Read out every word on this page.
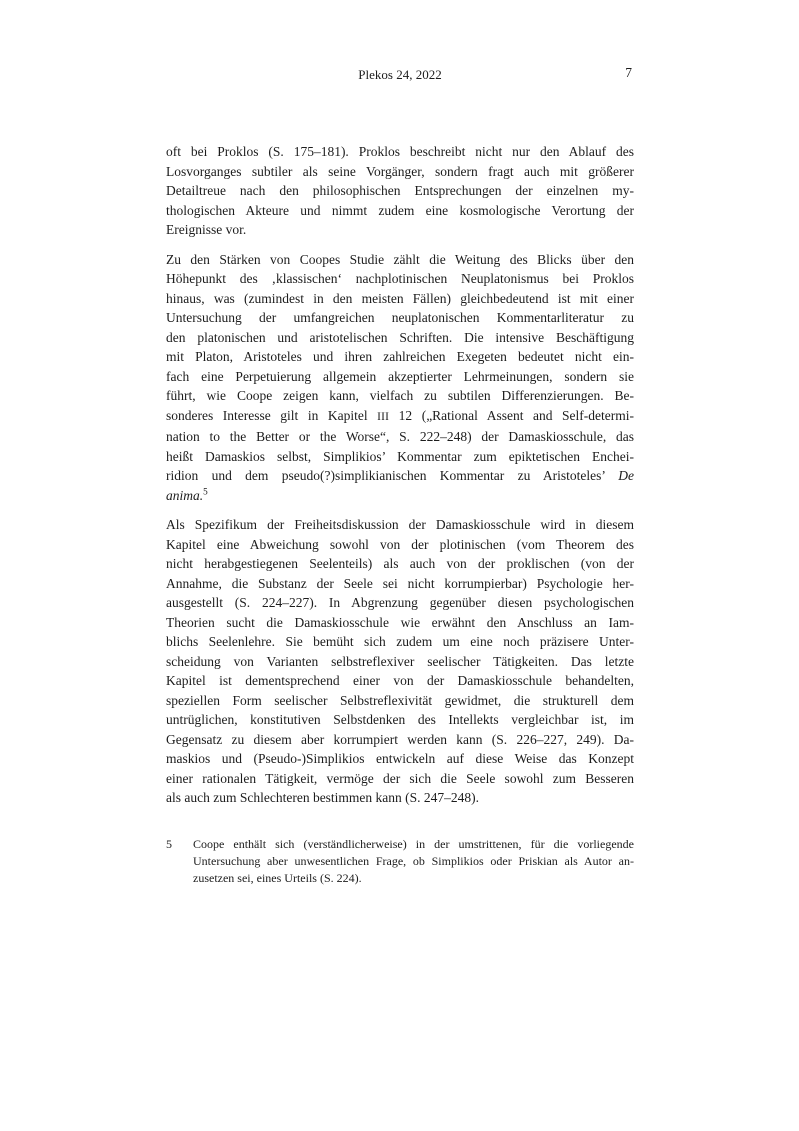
Plekos 24, 2022	7
oft bei Proklos (S. 175–181). Proklos beschreibt nicht nur den Ablauf des
Losvorganges subtiler als seine Vorgänger, sondern fragt auch mit größerer
Detailtreue nach den philosophischen Entsprechungen der einzelnen my-
thologischen Akteure und nimmt zudem eine kosmologische Verortung der
Ereignisse vor.
Zu den Stärken von Coopes Studie zählt die Weitung des Blicks über den
Höhepunkt des ‚klassischen‘ nachplotinischen Neuplatonismus bei Proklos
hinaus, was (zumindest in den meisten Fällen) gleichbedeutend ist mit einer
Untersuchung der umfangreichen neuplatonischen Kommentarliteratur zu
den platonischen und aristotelischen Schriften. Die intensive Beschäftigung
mit Platon, Aristoteles und ihren zahlreichen Exegeten bedeutet nicht ein-
fach eine Perpetuierung allgemein akzeptierter Lehrmeinungen, sondern sie
führt, wie Coope zeigen kann, vielfach zu subtilen Differenzierungen. Be-
sonderes Interesse gilt in Kapitel III 12 („Rational Assent and Self-determi-
nation to the Better or the Worse“, S. 222–248) der Damaskiosschule, das
heißt Damaskios selbst, Simplikios’ Kommentar zum epiktetischen Enchei-
ridion und dem pseudo(?)simplikianischen Kommentar zu Aristoteles’ De
anima.$^5$
Als Spezifikum der Freiheitsdiskussion der Damaskiosschule wird in diesem
Kapitel eine Abweichung sowohl von der plotinischen (vom Theorem des
nicht herabgestiegenen Seelenteils) als auch von der proklischen (von der
Annahme, die Substanz der Seele sei nicht korrumpierbar) Psychologie her-
ausgestellt (S. 224–227). In Abgrenzung gegenüber diesen psychologischen
Theorien sucht die Damaskiosschule wie erwähnt den Anschluss an Iam-
blichs Seelenlehre. Sie bemüht sich zudem um eine noch präzisere Unter-
scheidung von Varianten selbstreflexiver seelischer Tätigkeiten. Das letzte
Kapitel ist dementsprechend einer von der Damaskiosschule behandelten,
speziellen Form seelischer Selbstreflexivität gewidmet, die strukturell dem
untrüglichen, konstitutiven Selbstdenken des Intellekts vergleichbar ist, im
Gegensatz zu diesem aber korrumpiert werden kann (S. 226–227, 249). Da-
maskios und (Pseudo-)Simplikios entwickeln auf diese Weise das Konzept
einer rationalen Tätigkeit, vermöge der sich die Seele sowohl zum Besseren
als auch zum Schlechteren bestimmen kann (S. 247–248).
5	Coope enthält sich (verständlicherweise) in der umstrittenen, für die vorliegende
Untersuchung aber unwesentlichen Frage, ob Simplikios oder Priskian als Autor an-
zusetzen sei, eines Urteils (S. 224).
